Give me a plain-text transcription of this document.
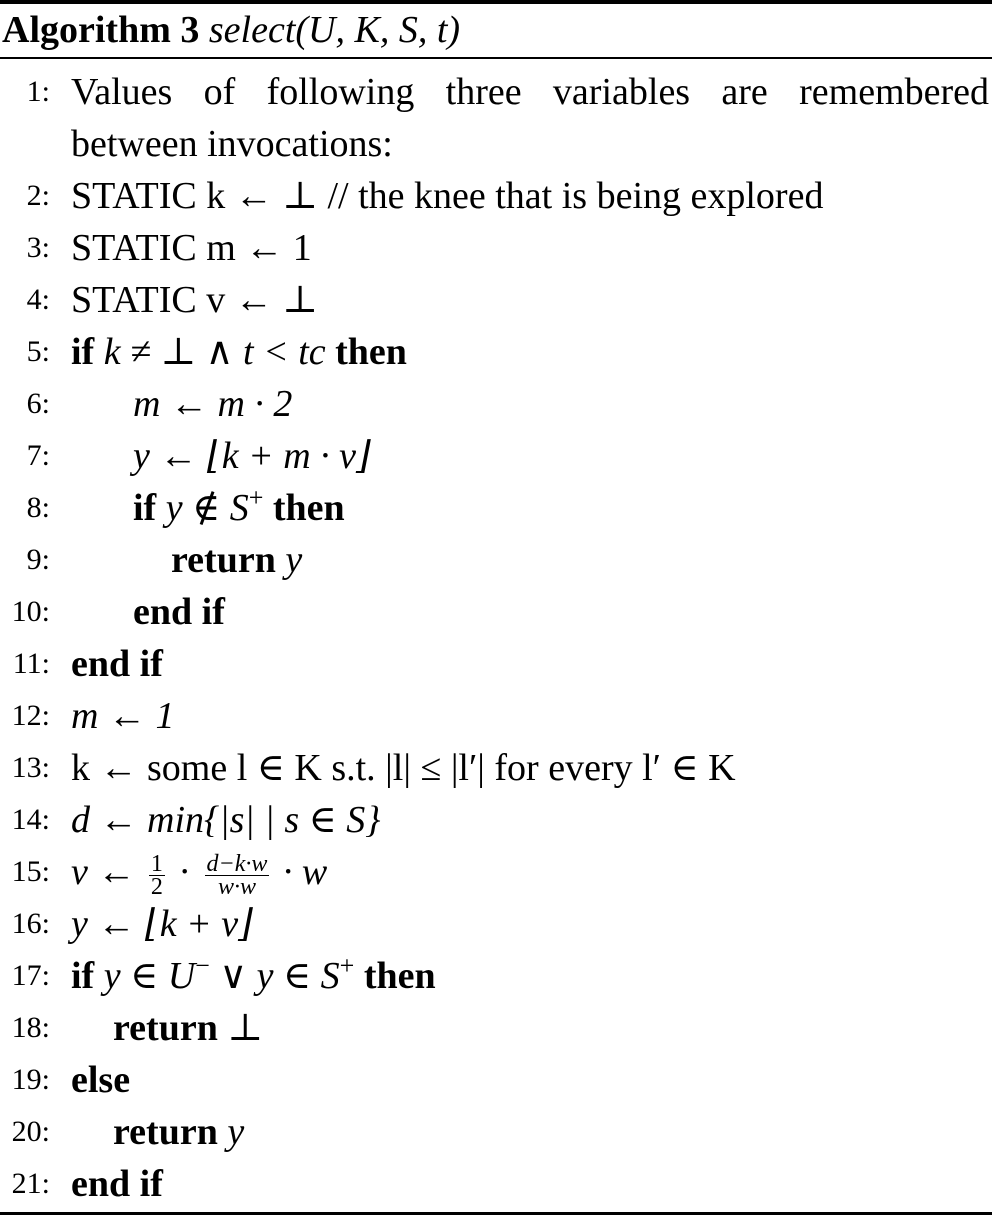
Algorithm 3 select(U, K, S, t)
1: Values of following three variables are remembered between invocations:
2: STATIC k ← ⊥ // the knee that is being explored
3: STATIC m ← 1
4: STATIC v ← ⊥
5: if k ≠ ⊥ ∧ t < tc then
6: m ← m · 2
7: y ← ⌊k + m · v⌋
8: if y ∉ S+ then
9:	return y
10: end if
11: end if
12: m ← 1
13: k ← some l ∈ K s.t. |l| ≤ |l′| for every l′ ∈ K
14: d ← min{|s| | s ∈ S}
15: v ← $\frac{1}{2} \cdot \frac{d-k\cdot w}{w\cdot w} \cdot w$
16: y ← ⌊k + v⌋
17: if y ∈ U− ∨ y ∈ S+ then
18: return ⊥
19: else
20: return y
21: end if
